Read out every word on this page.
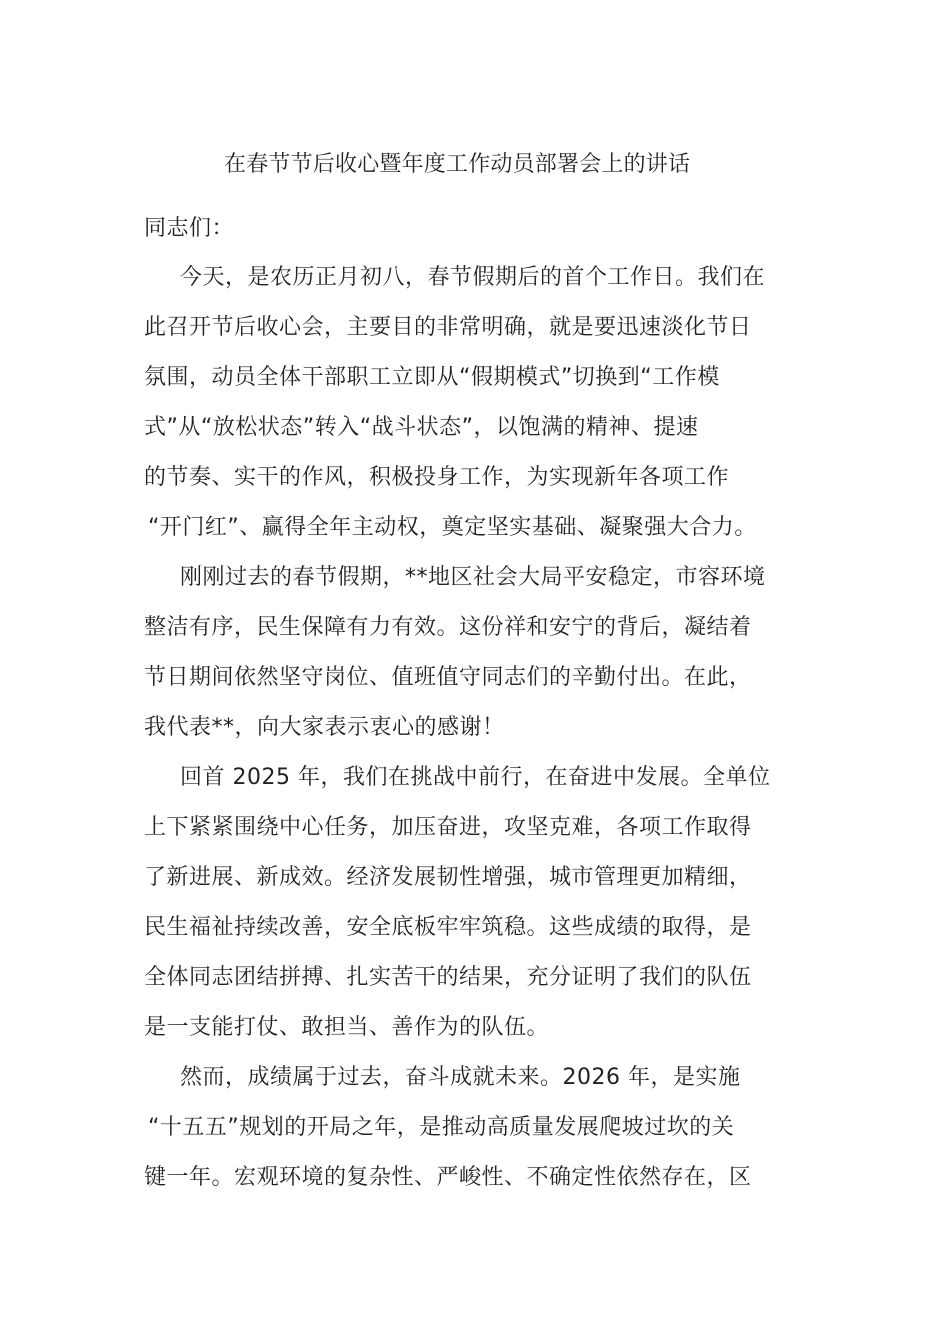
在春节节后收心暨年度工作动员部署会上的讲话
同志们：
今天，是农历正月初八，春节假期后的首个工作日。我们在
此召开节后收心会，主要目的非常明确，就是要迅速淡化节日
氛围，动员全体干部职工立即从“假期模式”切换到“工作模
式”从“放松状态”转入“战斗状态”，以饱满的精神、提速
的节奏、实干的作风，积极投身工作，为实现新年各项工作
“开门红”、赢得全年主动权，奠定坚实基础、凝聚强大合力。
刚刚过去的春节假期，**地区社会大局平安稳定，市容环境
整洁有序，民生保障有力有效。这份祥和安宁的背后，凝结着
节日期间依然坚守岗位、值班值守同志们的辛勤付出。在此，
我代表**，向大家表示衷心的感谢！
回首 2025 年，我们在挑战中前行，在奋进中发展。全单位
上下紧紧围绕中心任务，加压奋进，攻坚克难，各项工作取得
了新进展、新成效。经济发展韧性增强，城市管理更加精细，
民生福祉持续改善，安全底板牢牢筑稳。这些成绩的取得，是
全体同志团结拼搏、扎实苦干的结果，充分证明了我们的队伍
是一支能打仗、敢担当、善作为的队伍。
然而，成绩属于过去，奋斗成就未来。2026 年，是实施
“十五五”规划的开局之年，是推动高质量发展爬坡过坎的关
键一年。宏观环境的复杂性、严峻性、不确定性依然存在，区
